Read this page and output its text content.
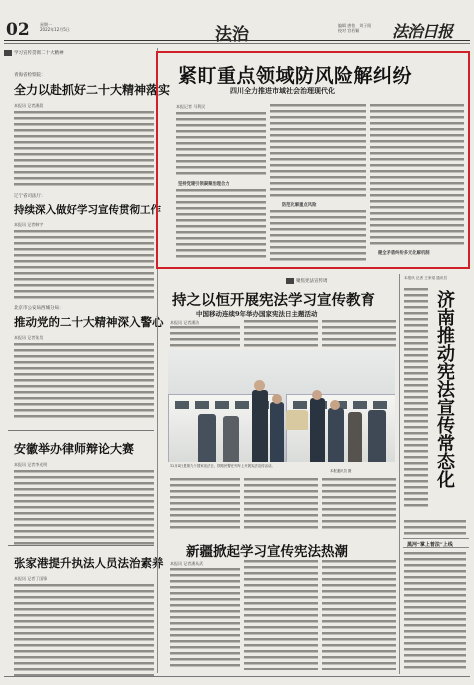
02	星期一
2022年12月5日	法治	编辑 唐怡　刘子阳
校对 宫若颖	法治日报
学习宣传贯彻二十大精神
青海省检察院：
全力以赴抓好二十大精神落实
本报讯 记者潘晨
辽宁省司法厅：
持续深入做好学习宣传贯彻工作
本报讯 记者韩宇
北京市公安局西城分局：
推动党的二十大精神深入警心
本报讯 记者张昊
安徽举办律师辩论大赛
本报讯 记者李光明
张家港提升执法人员法治素养
本报讯 记者丁国锋
紧盯重点领域防风险解纠纷
四川全力推进市域社会治理现代化
本报记者 马利民
坚持党建引领凝聚治理合力
防范化解重点风险
健全矛盾纠纷多元化解机制
聚焦宪法宣传周
持之以恒开展宪法学习宣传教育
中国移动连续9年举办国家宪法日主题活动
本报讯 记者潘洁
12月4日是第九个国家宪法日，铁路民警在列车上开展宪法宣传活动。
本报通讯员 摄
新疆掀起学习宣传宪法热潮
本报讯 记者潘从武
本报讯 记者 王家梁 通讯员
济南推动宪法宣传常态化
黑河“掌上普法”上线
